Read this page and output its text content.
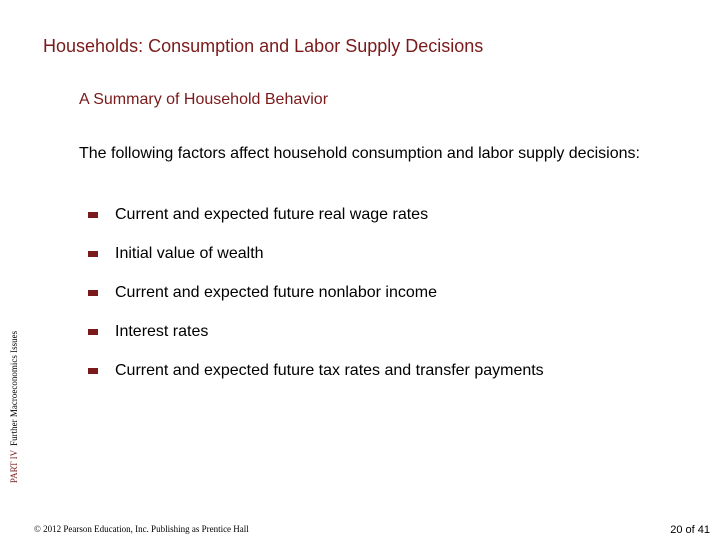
Households: Consumption and Labor Supply Decisions
A Summary of Household Behavior
The following factors affect household consumption and labor supply decisions:
Current and expected future real wage rates
Initial value of wealth
Current and expected future nonlabor income
Interest rates
Current and expected future tax rates and transfer payments
PART IVFurther Macroeconomics Issues
© 2012 Pearson Education, Inc. Publishing as Prentice Hall	20 of 41
